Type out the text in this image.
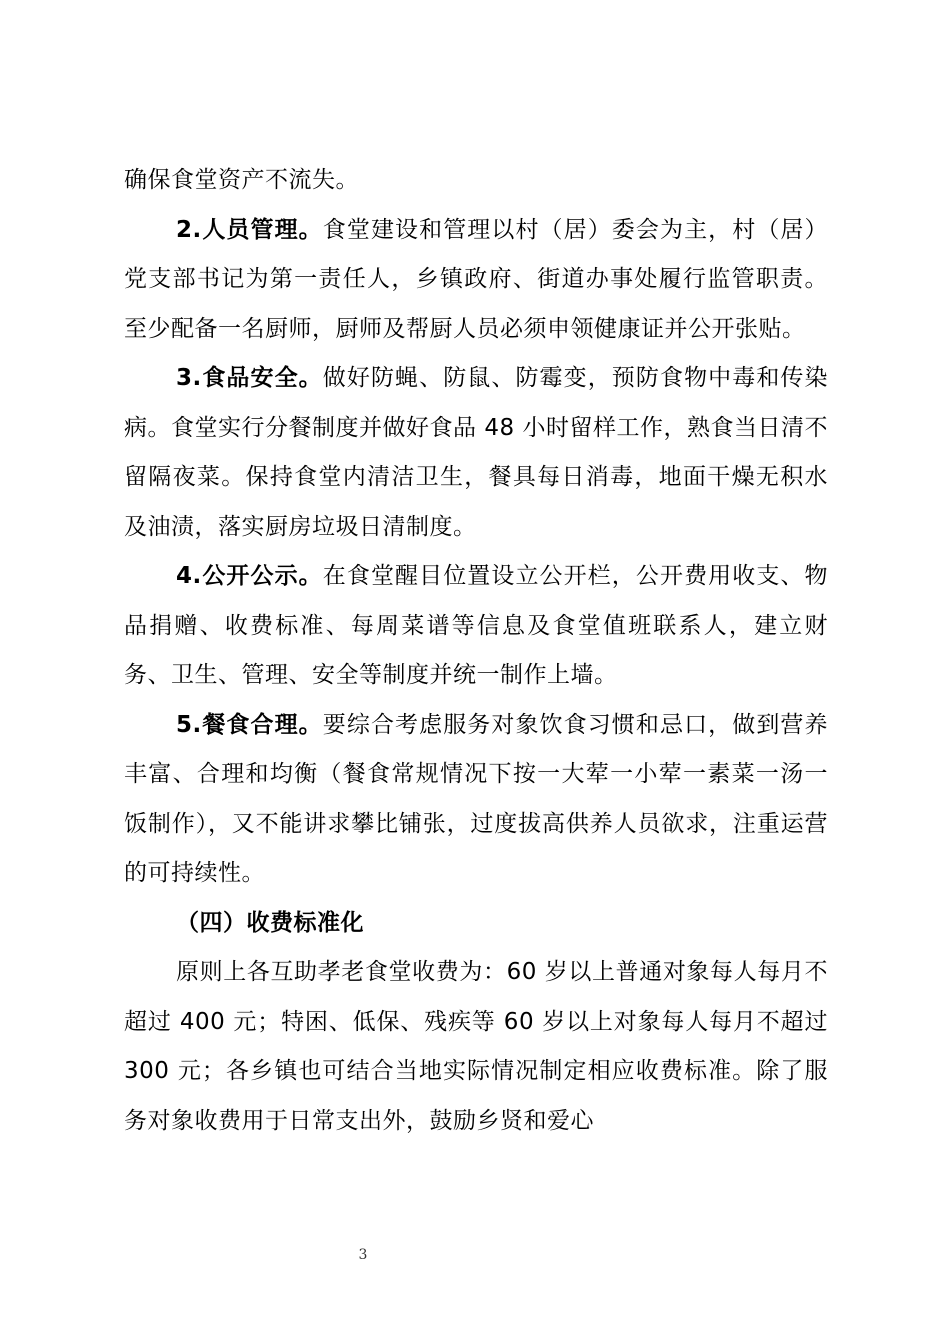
确保食堂资产不流失。

2.人员管理。食堂建设和管理以村（居）委会为主，村（居）党支部书记为第一责任人，乡镇政府、街道办事处履行监管职责。至少配备一名厨师，厨师及帮厨人员必须申领健康证并公开张贴。

3.食品安全。做好防蝇、防鼠、防霉变，预防食物中毒和传染病。食堂实行分餐制度并做好食品 48 小时留样工作，熟食当日清不留隔夜菜。保持食堂内清洁卫生，餐具每日消毒，地面干燥无积水及油渍，落实厨房垃圾日清制度。

4.公开公示。在食堂醒目位置设立公开栏，公开费用收支、物品捐赠、收费标准、每周菜谱等信息及食堂值班联系人，建立财务、卫生、管理、安全等制度并统一制作上墙。

5.餐食合理。要综合考虑服务对象饮食习惯和忌口，做到营养丰富、合理和均衡（餐食常规情况下按一大荤一小荤一素菜一汤一饭制作），又不能讲求攀比铺张，过度拔高供养人员欲求，注重运营的可持续性。

（四）收费标准化

原则上各互助孝老食堂收费为：60 岁以上普通对象每人每月不超过 400 元；特困、低保、残疾等 60 岁以上对象每人每月不超过 300 元；各乡镇也可结合当地实际情况制定相应收费标准。除了服务对象收费用于日常支出外，鼓励乡贤和爱心

3
